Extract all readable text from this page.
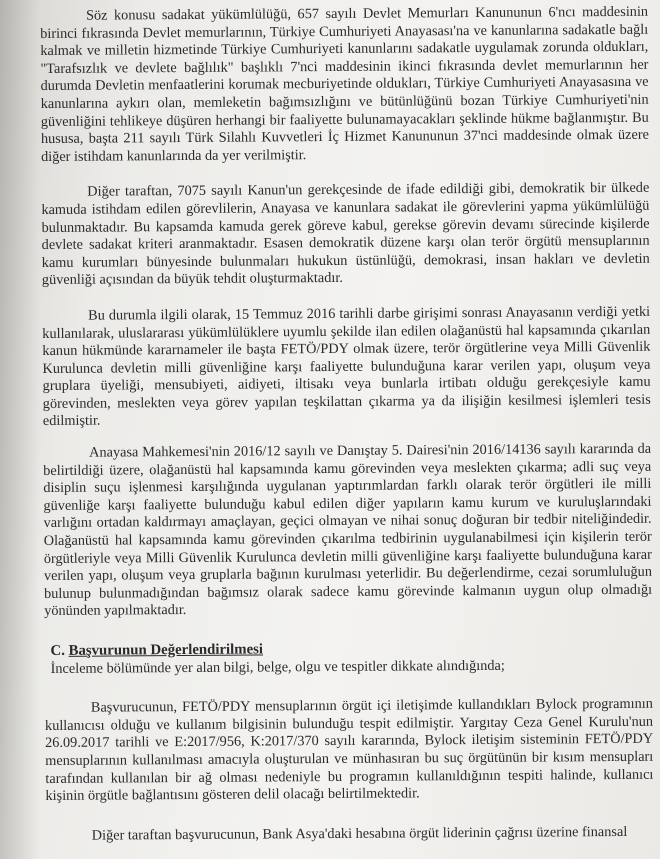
Söz konusu sadakat yükümlülüğü, 657 sayılı Devlet Memurları Kanununun 6'ncı maddesinin birinci fıkrasında Devlet memurlarının, Türkiye Cumhuriyeti Anayasası'na ve kanunlarına sadakatle bağlı kalmak ve milletin hizmetinde Türkiye Cumhuriyeti kanunlarını sadakatle uygulamak zorunda oldukları, "Tarafsızlık ve devlete bağlılık" başlıklı 7'nci maddesinin ikinci fıkrasında devlet memurlarının her durumda Devletin menfaatlerini korumak mecburiyetinde oldukları, Türkiye Cumhuriyeti Anayasasına ve kanunlarına aykırı olan, memleketin bağımsızlığını ve bütünlüğünü bozan Türkiye Cumhuriyeti'nin güvenliğini tehlikeye düşüren herhangi bir faaliyette bulunamayacakları şeklinde hükme bağlanmıştır. Bu hususa, başta 211 sayılı Türk Silahlı Kuvvetleri İç Hizmet Kanununun 37'nci maddesinde olmak üzere diğer istihdam kanunlarında da yer verilmiştir.

Diğer taraftan, 7075 sayılı Kanun'un gerekçesinde de ifade edildiği gibi, demokratik bir ülkede kamuda istihdam edilen görevlilerin, Anayasa ve kanunlara sadakat ile görevlerini yapma yükümlülüğü bulunmaktadır. Bu kapsamda kamuda gerek göreve kabul, gerekse görevin devamı sürecinde kişilerde devlete sadakat kriteri aranmaktadır. Esasen demokratik düzene karşı olan terör örgütü mensuplarının kamu kurumları bünyesinde bulunmaları hukukun üstünlüğü, demokrasi, insan hakları ve devletin güvenliği açısından da büyük tehdit oluşturmaktadır.

Bu durumla ilgili olarak, 15 Temmuz 2016 tarihli darbe girişimi sonrası Anayasanın verdiği yetki kullanılarak, uluslararası yükümlülüklere uyumlu şekilde ilan edilen olağanüstü hal kapsamında çıkarılan kanun hükmünde kararnameler ile başta FETÖ/PDY olmak üzere, terör örgütlerine veya Milli Güvenlik Kurulunca devletin milli güvenliğine karşı faaliyette bulunduğuna karar verilen yapı, oluşum veya gruplara üyeliği, mensubiyeti, aidiyeti, iltisakı veya bunlarla irtibatı olduğu gerekçesiyle kamu görevinden, meslekten veya görev yapılan teşkilattan çıkarma ya da ilişiğin kesilmesi işlemleri tesis edilmiştir.

Anayasa Mahkemesi'nin 2016/12 sayılı ve Danıştay 5. Dairesi'nin 2016/14136 sayılı kararında da belirtildiği üzere, olağanüstü hal kapsamında kamu görevinden veya meslekten çıkarma; adli suç veya disiplin suçu işlenmesi karşılığında uygulanan yaptırımlardan farklı olarak terör örgütleri ile milli güvenliğe karşı faaliyette bulunduğu kabul edilen diğer yapıların kamu kurum ve kuruluşlarındaki varlığını ortadan kaldırmayı amaçlayan, geçici olmayan ve nihai sonuç doğuran bir tedbir niteliğindedir. Olağanüstü hal kapsamında kamu görevinden çıkarılma tedbirinin uygulanabilmesi için kişilerin terör örgütleriyle veya Milli Güvenlik Kurulunca devletin milli güvenliğine karşı faaliyette bulunduğuna karar verilen yapı, oluşum veya gruplarla bağının kurulması yeterlidir. Bu değerlendirme, cezai sorumluluğun bulunup bulunmadığından bağımsız olarak sadece kamu görevinde kalmanın uygun olup olmadığı yönünden yapılmaktadır.

C. Başvurunun Değerlendirilmesi

İnceleme bölümünde yer alan bilgi, belge, olgu ve tespitler dikkate alındığında;

Başvurucunun, FETÖ/PDY mensuplarının örgüt içi iletişimde kullandıkları Bylock programının kullanıcısı olduğu ve kullanım bilgisinin bulunduğu tespit edilmiştir. Yargıtay Ceza Genel Kurulu'nun 26.09.2017 tarihli ve E:2017/956, K:2017/370 sayılı kararında, Bylock iletişim sisteminin FETÖ/PDY mensuplarının kullanılması amacıyla oluşturulan ve münhasıran bu suç örgütünün bir kısım mensupları tarafından kullanılan bir ağ olması nedeniyle bu programın kullanıldığının tespiti halinde, kullanıcı kişinin örgütle bağlantısını gösteren delil olacağı belirtilmektedir.

Diğer taraftan başvurucunun, Bank Asya'daki hesabına örgüt liderinin çağrısı üzerine finansal
